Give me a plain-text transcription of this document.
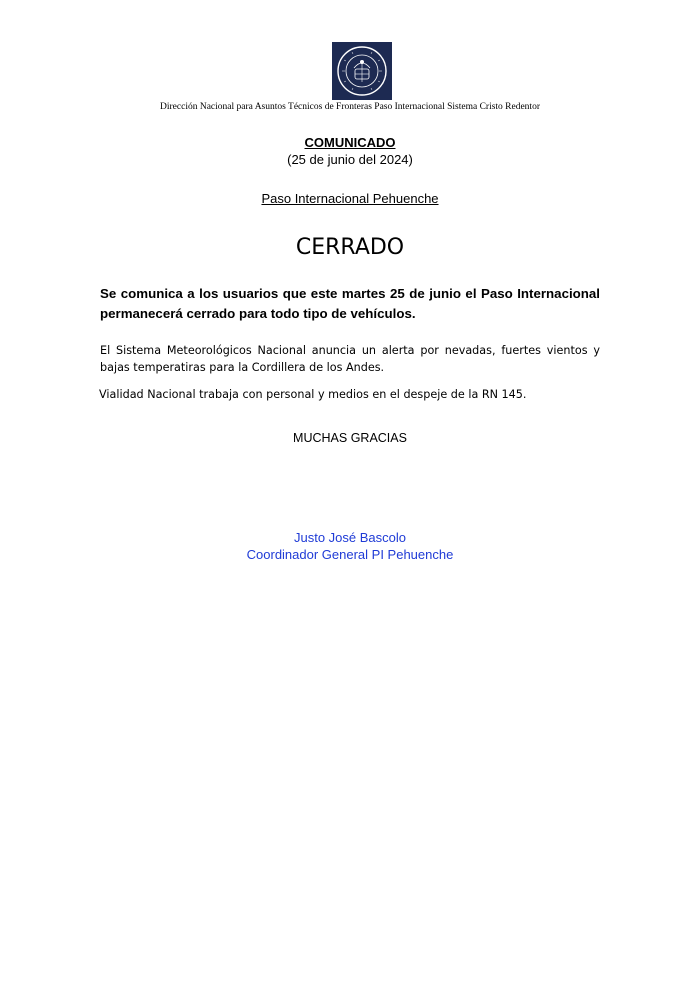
Dirección Nacional para Asuntos Técnicos de Fronteras Paso Internacional Sistema Cristo Redentor
COMUNICADO
(25 de junio del 2024)
Paso Internacional Pehuenche
CERRADO
Se comunica a los usuarios que este martes 25 de junio el Paso Internacional permanecerá cerrado para todo tipo de vehículos.
El Sistema Meteorológicos Nacional anuncia un alerta por nevadas, fuertes vientos y bajas temperatiras para la Cordillera de los Andes.
Vialidad Nacional trabaja con personal y medios en el despeje de la RN 145.
MUCHAS GRACIAS
Justo José Bascolo
Coordinador General PI Pehuenche
